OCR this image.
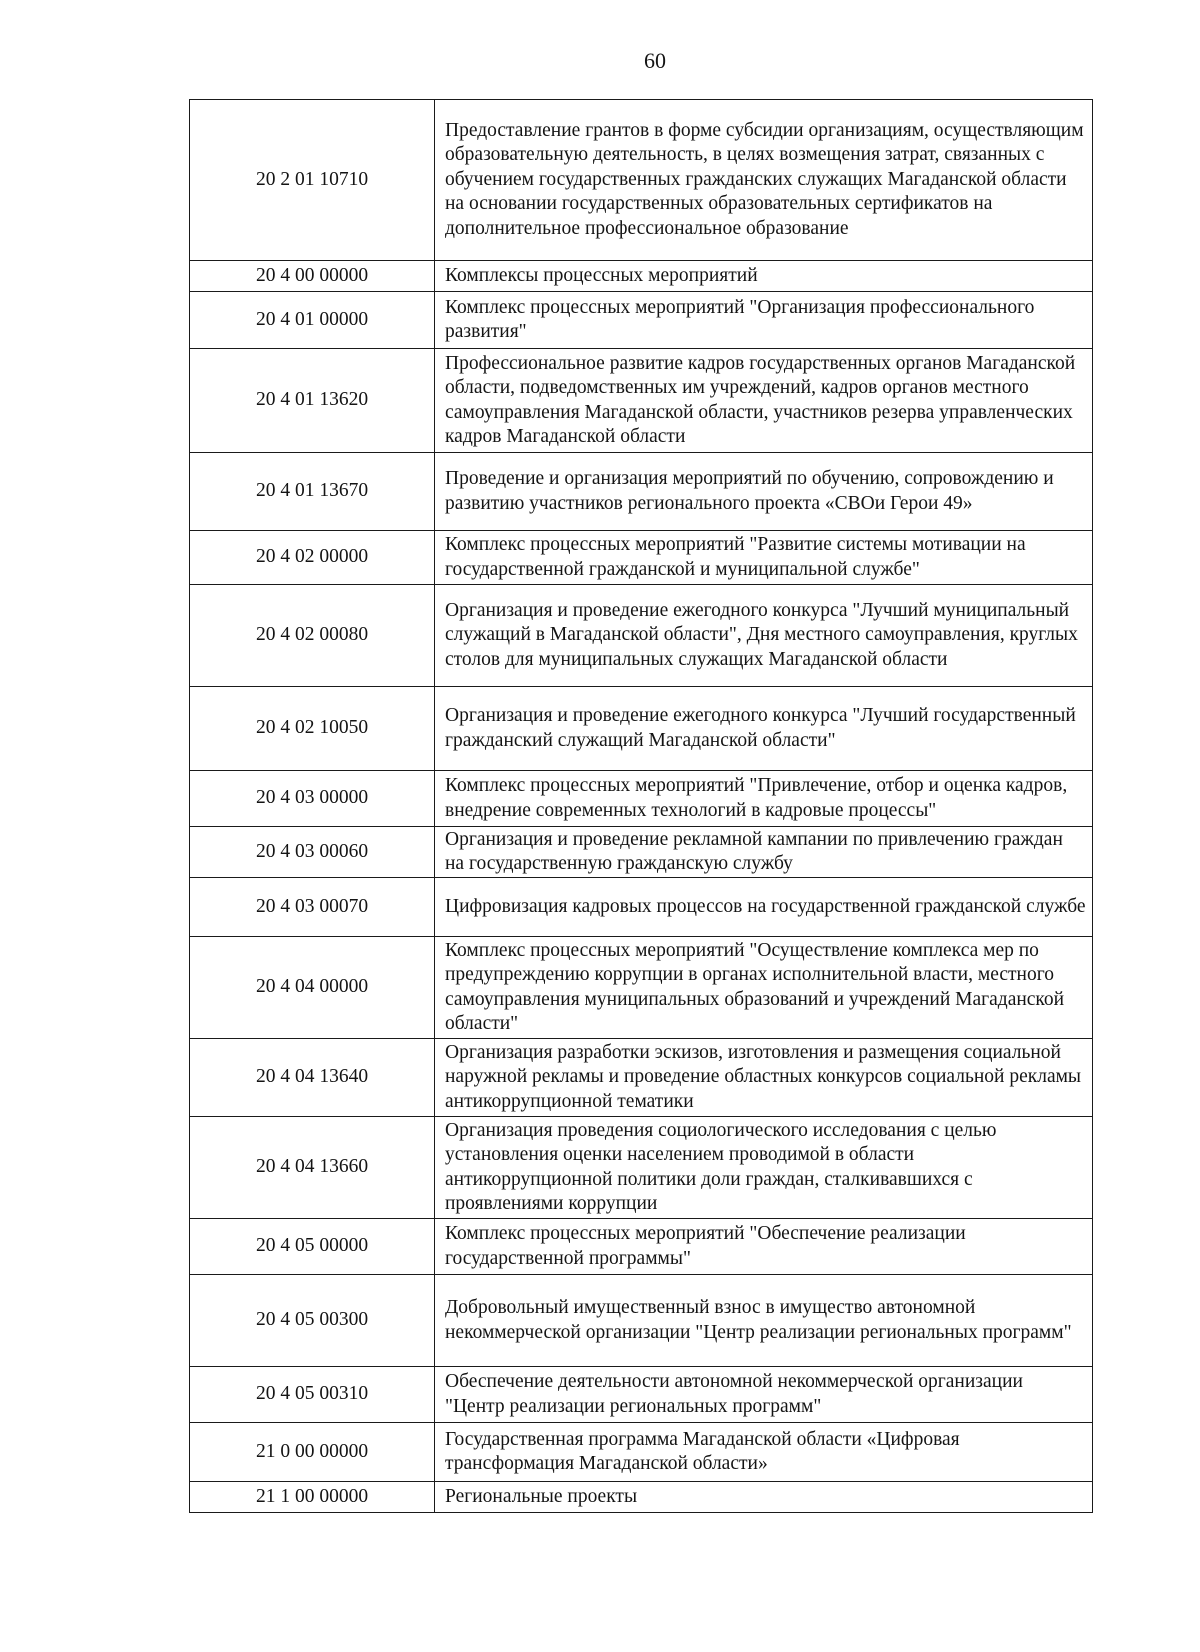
60
20 2 01 10710	Предоставление грантов в форме субсидии организациям, осуществляющим образовательную деятельность, в целях возмещения затрат, связанных с обучением государственных гражданских служащих Магаданской области на основании государственных образовательных сертификатов на дополнительное профессиональное образование
20 4 00 00000	Комплексы процессных мероприятий
20 4 01 00000	Комплекс процессных мероприятий "Организация профессионального развития"
20 4 01 13620	Профессиональное развитие кадров государственных органов Магаданской области, подведомственных им учреждений, кадров органов местного самоуправления Магаданской области, участников резерва управленческих кадров Магаданской области
20 4 01 13670	Проведение и организация мероприятий по обучению, сопровождению и развитию участников регионального проекта «СВОи Герои 49»
20 4 02 00000	Комплекс процессных мероприятий "Развитие системы мотивации на государственной гражданской и муниципальной службе"
20 4 02 00080	Организация и проведение ежегодного конкурса "Лучший муниципальный служащий в Магаданской области", Дня местного самоуправления, круглых столов для муниципальных служащих Магаданской области
20 4 02 10050	Организация и проведение ежегодного конкурса "Лучший государственный гражданский служащий Магаданской области"
20 4 03 00000	Комплекс процессных мероприятий "Привлечение, отбор и оценка кадров, внедрение современных технологий в кадровые процессы"
20 4 03 00060	Организация и проведение рекламной кампании по привлечению граждан на государственную гражданскую службу
20 4 03 00070	Цифровизация кадровых процессов на государственной гражданской службе
20 4 04 00000	Комплекс процессных мероприятий "Осуществление комплекса мер по предупреждению коррупции в органах исполнительной власти, местного самоуправления муниципальных образований и учреждений Магаданской области"
20 4 04 13640	Организация разработки эскизов, изготовления и размещения социальной наружной рекламы и проведение областных конкурсов социальной рекламы антикоррупционной тематики
20 4 04 13660	Организация проведения социологического исследования с целью установления оценки населением проводимой в области антикоррупционной политики доли граждан, сталкивавшихся с проявлениями коррупции
20 4 05 00000	Комплекс процессных мероприятий "Обеспечение реализации государственной программы"
20 4 05 00300	Добровольный имущественный взнос в имущество автономной некоммерческой организации "Центр реализации региональных программ"
20 4 05 00310	Обеспечение деятельности автономной некоммерческой организации "Центр реализации региональных программ"
21 0 00 00000	Государственная программа Магаданской области «Цифровая трансформация Магаданской области»
21 1 00 00000	Региональные проекты
